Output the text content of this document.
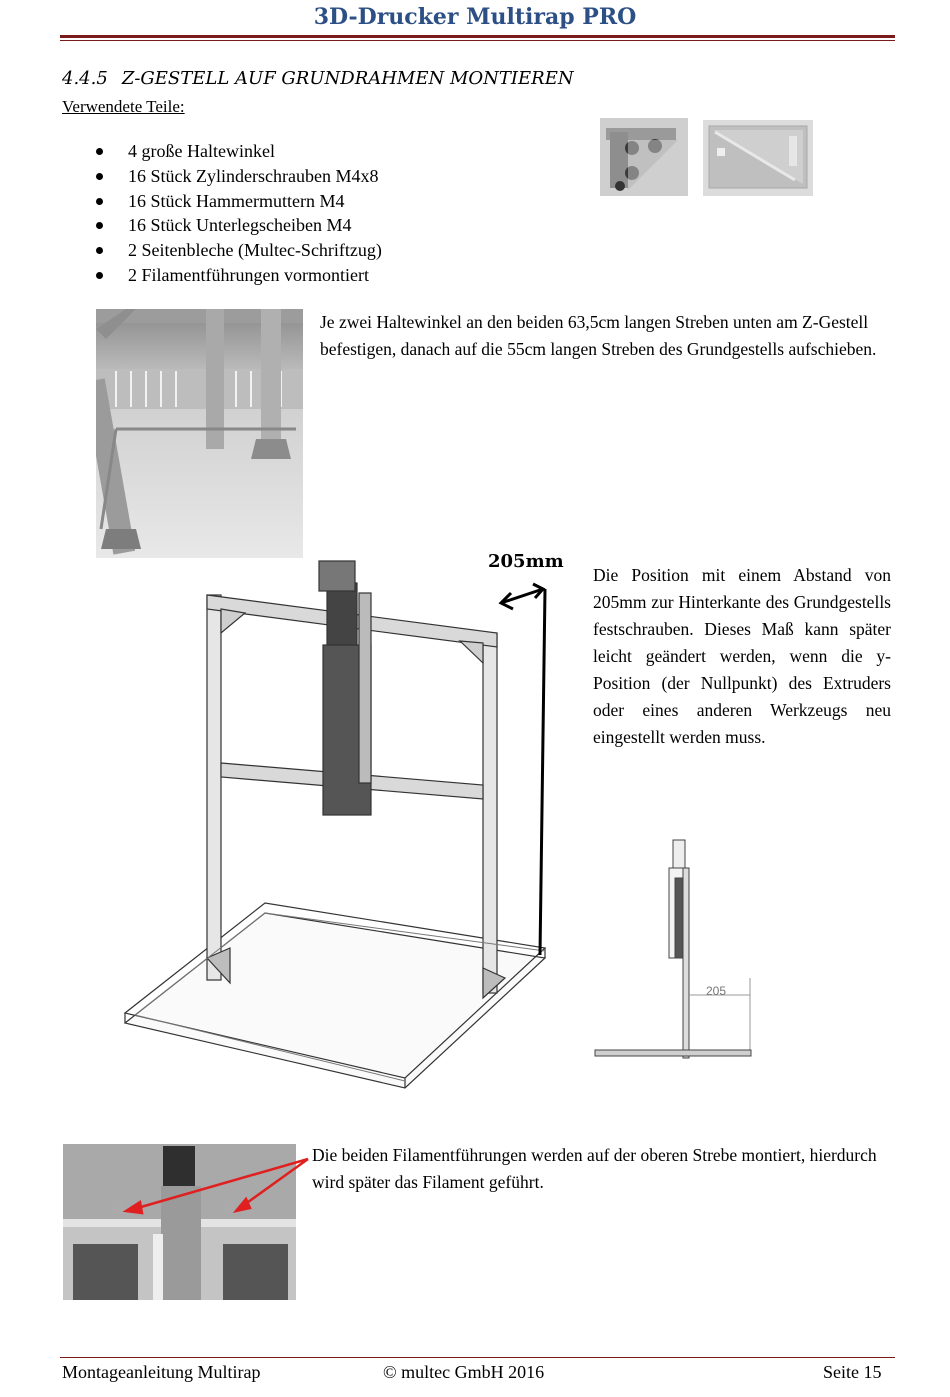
3D-Drucker Multirap PRO
4.4.5 Z-GESTELL AUF GRUNDRAHMEN MONTIEREN
Verwendete Teile:
4 große Haltewinkel
16 Stück Zylinderschrauben M4x8
16 Stück Hammermuttern M4
16 Stück Unterlegscheiben M4
2 Seitenbleche (Multec-Schriftzug)
2 Filamentführungen vormontiert
Je zwei Haltewinkel an den beiden 63,5cm langen Streben unten am Z-Gestell befestigen, danach auf die 55cm langen Streben des Grundgestells aufschieben.
205mm
Die Position mit einem Abstand von 205mm zur Hinterkante des Grundgestells festschrauben. Dieses Maß kann später leicht geändert werden, wenn die y-Position (der Nullpunkt) des Extruders oder eines anderen Werkzeugs neu eingestellt werden muss.
205
Die beiden Filamentführungen werden auf der oberen Strebe montiert, hierdurch wird später das Filament geführt.
Montageanleitung Multirap	© multec GmbH 2016	Seite 15
